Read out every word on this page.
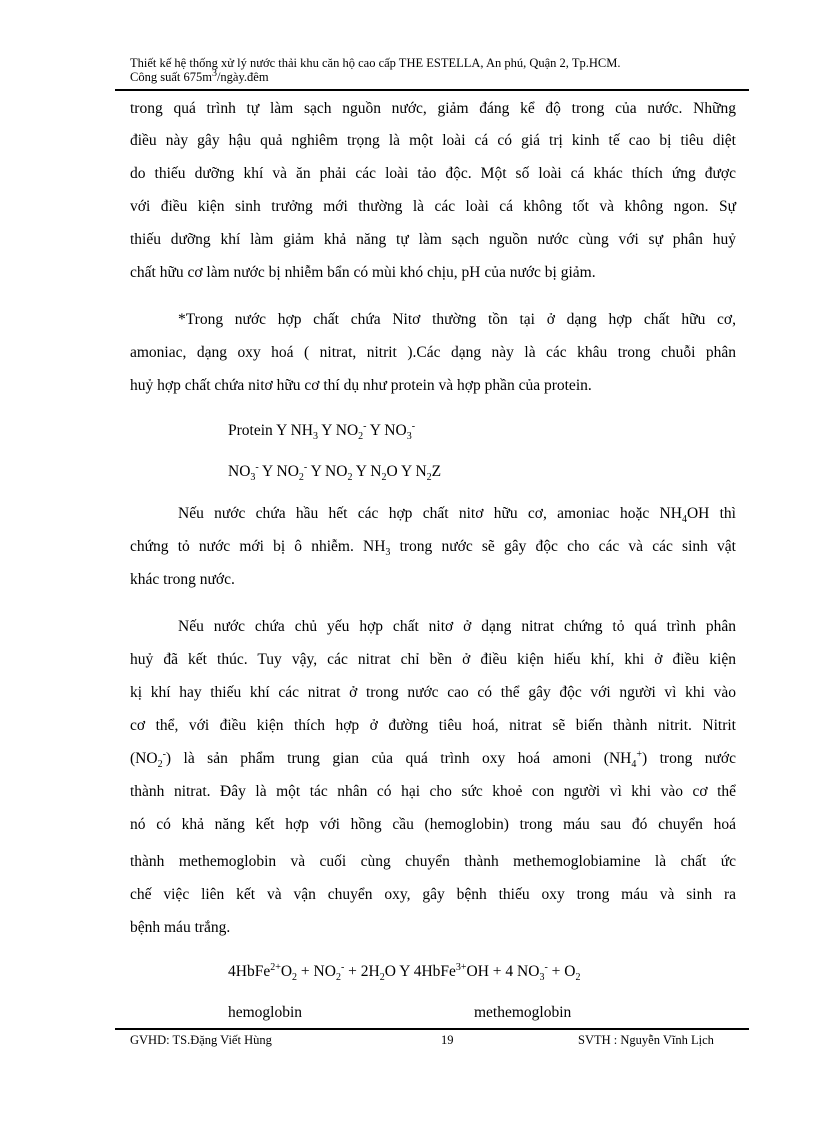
Thiết kế hệ thống xử lý nước thải khu căn hộ cao cấp THE ESTELLA, An phú, Quận 2, Tp.HCM.
Công suất $675m^3/ngày.đêm$
trong quá trình tự làm sạch nguồn nước, giảm đáng kể độ trong của nước. Những
điều này gây hậu quả nghiêm trọng là một loài cá có giá trị kinh tế cao bị tiêu diệt
do thiếu dưỡng khí và ăn phải các loài tảo độc. Một số loài cá khác thích ứng được
với điều kiện sinh trưởng mới thường là các loài cá không tốt và không ngon. Sự
thiếu dưỡng khí làm giảm khả năng tự làm sạch nguồn nước cùng với sự phân huỷ
chất hữu cơ làm nước bị nhiễm bẩn có mùi khó chịu, pH của nước bị giảm.
*Trong nước hợp chất chứa Nitơ thường tồn tại ở dạng hợp chất hữu cơ,
amoniac, dạng oxy hoá ( nitrat, nitrit ).Các dạng này là các khâu trong chuỗi phân
huỷ hợp chất chứa nitơ hữu cơ thí dụ như protein và hợp phần của protein.
Protein Y $NH_3$ Y $NO_2^-$ Y $NO_3^-$
$NO_3^-$ Y $NO_2^-$ Y $NO_2$ Y $N_2O$ Y $N_2Z$
Nếu nước chứa hầu hết các hợp chất nitơ hữu cơ, amoniac hoặc $NH_4OH$ thì
chứng tỏ nước mới bị ô nhiễm. $NH_3$ trong nước sẽ gây độc cho các và các sinh vật
khác trong nước.
Nếu nước chứa chủ yếu hợp chất nitơ ở dạng nitrat chứng tỏ quá trình phân
huỷ đã kết thúc. Tuy vậy, các nitrat chỉ bền ở điều kiện hiếu khí, khi ở điều kiện
kị khí hay thiếu khí các nitrat ở trong nước cao có thể gây độc với người vì khi vào
cơ thể, với điều kiện thích hợp ở đường tiêu hoá, nitrat sẽ biến thành nitrit. Nitrit
$(NO_2^-)$ là sản phẩm trung gian của quá trình oxy hoá amoni $(NH_4^+)$ trong nước
thành nitrat. Đây là một tác nhân có hại cho sức khoẻ con người vì khi vào cơ thể
nó có khả năng kết hợp với hồng cầu (hemoglobin) trong máu sau đó chuyển hoá
thành methemoglobin và cuối cùng chuyển thành methemoglobiamine là chất ức
chế việc liên kết và vận chuyển oxy, gây bệnh thiếu oxy trong máu và sinh ra
bệnh máu trắng.
$4HbFe^{2+}O_2 + NO_2^- + 2H_2O$ Y 4HbFe$^{3+}$OH + 4 $NO_3^- + O_2$
hemoglobin	methemoglobin
GVHD: TS.Đặng Viết Hùng	19	SVTH : Nguyễn Vĩnh Lịch
